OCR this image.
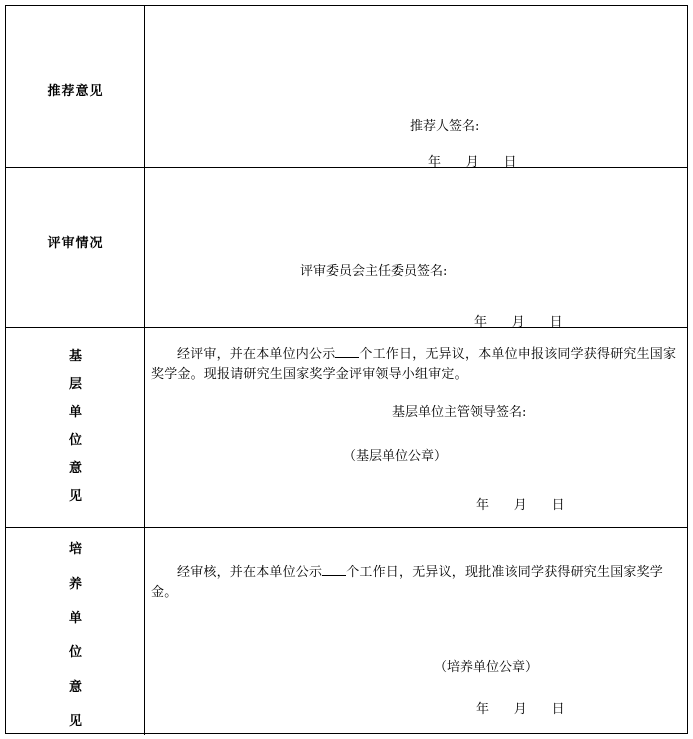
推荐意见
推荐人签名:
年      月      日
评审情况
评审委员会主任委员签名:
年      月      日
基
层
单
位
意
见
经评审，并在本单位内公示 个工作日，无异议，本单位申报该同学获得研究生国家奖学金。现报请研究生国家奖学金评审领导小组审定。
基层单位主管领导签名:
（基层单位公章）
年      月      日
培
养
单
位
意
见
经审核，并在本单位公示 个工作日，无异议，现批准该同学获得研究生国家奖学金。
（培养单位公章）
年      月      日
